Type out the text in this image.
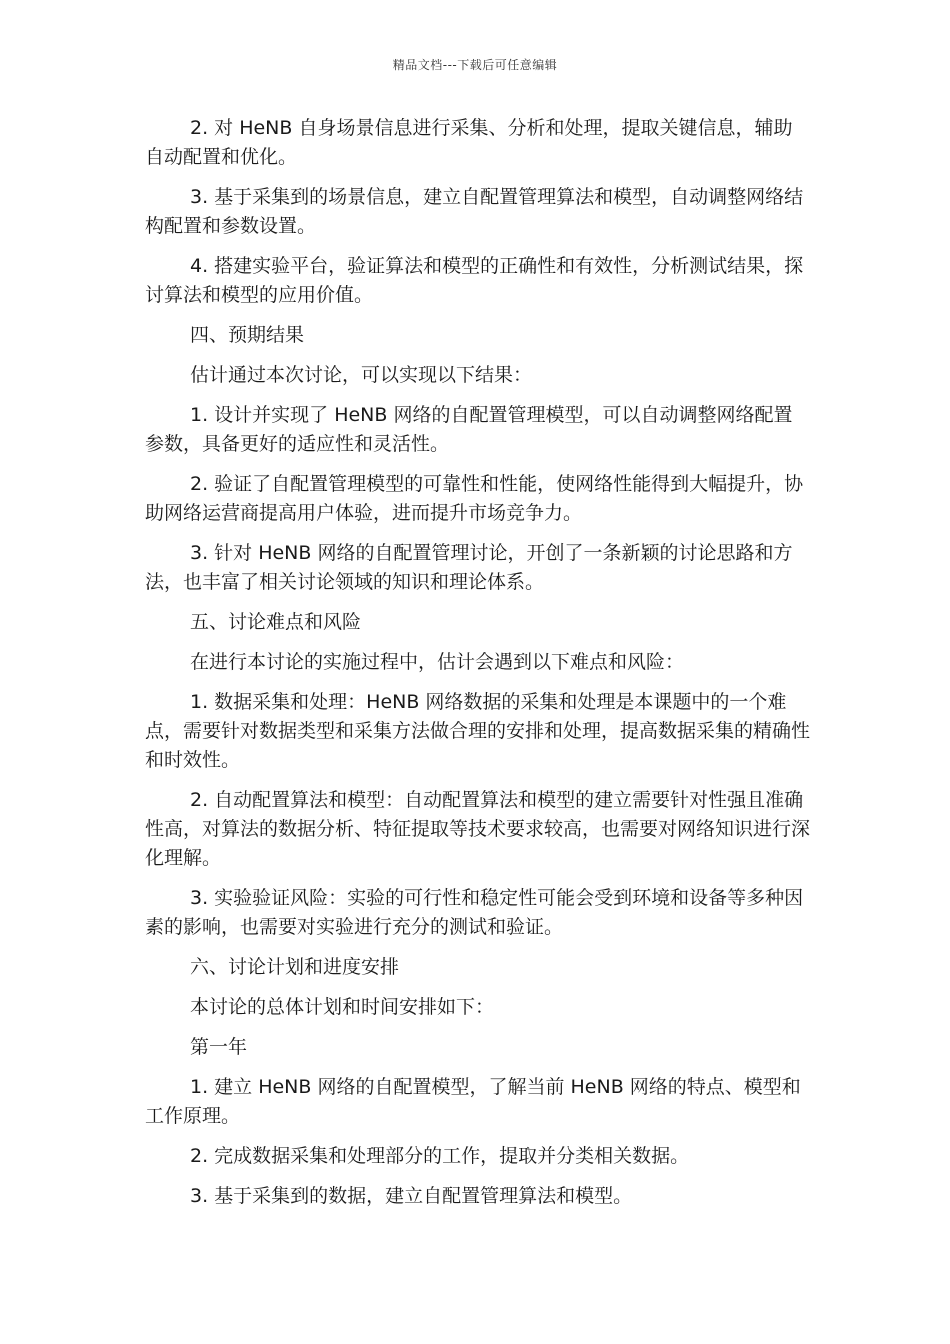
精品文档---下载后可任意编辑

2. 对 HeNB 自身场景信息进行采集、分析和处理，提取关键信息，辅助自动配置和优化。

3. 基于采集到的场景信息，建立自配置管理算法和模型，自动调整网络结构配置和参数设置。

4. 搭建实验平台，验证算法和模型的正确性和有效性，分析测试结果，探讨算法和模型的应用价值。

四、预期结果

估计通过本次讨论，可以实现以下结果：

1. 设计并实现了 HeNB 网络的自配置管理模型，可以自动调整网络配置参数，具备更好的适应性和灵活性。

2. 验证了自配置管理模型的可靠性和性能，使网络性能得到大幅提升，协助网络运营商提高用户体验，进而提升市场竞争力。

3. 针对 HeNB 网络的自配置管理讨论，开创了一条新颖的讨论思路和方法，也丰富了相关讨论领域的知识和理论体系。

五、讨论难点和风险

在进行本讨论的实施过程中，估计会遇到以下难点和风险：

1. 数据采集和处理：HeNB 网络数据的采集和处理是本课题中的一个难点，需要针对数据类型和采集方法做合理的安排和处理，提高数据采集的精确性和时效性。

2. 自动配置算法和模型：自动配置算法和模型的建立需要针对性强且准确性高，对算法的数据分析、特征提取等技术要求较高，也需要对网络知识进行深化理解。

3. 实验验证风险：实验的可行性和稳定性可能会受到环境和设备等多种因素的影响，也需要对实验进行充分的测试和验证。

六、讨论计划和进度安排

本讨论的总体计划和时间安排如下：

第一年

1. 建立 HeNB 网络的自配置模型，了解当前 HeNB 网络的特点、模型和工作原理。

2. 完成数据采集和处理部分的工作，提取并分类相关数据。

3. 基于采集到的数据，建立自配置管理算法和模型。
